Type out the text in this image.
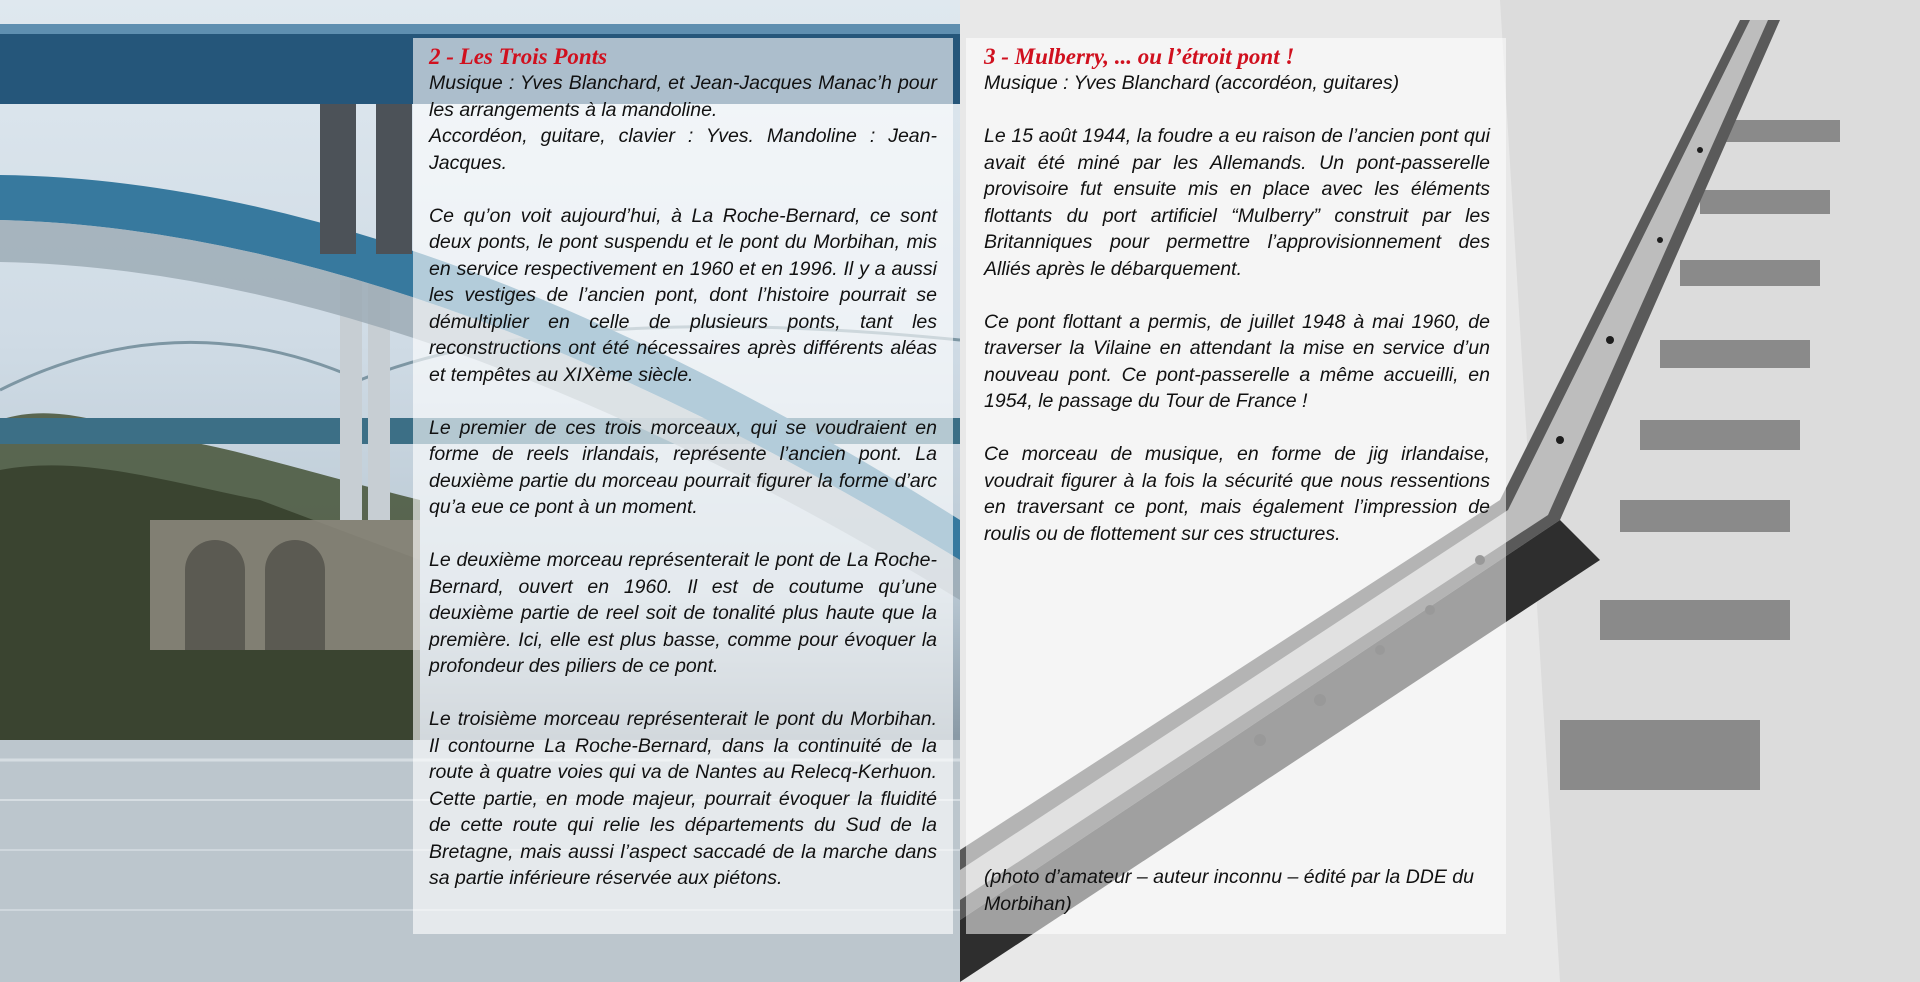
2 - Les Trois Ponts

Musique : Yves Blanchard, et Jean-Jacques Manac’h pour les arrangements à la mandoline.

Accordéon, guitare, clavier : Yves. Mandoline : Jean-Jacques.

Ce qu’on voit aujourd’hui, à La Roche-Bernard, ce sont deux ponts, le pont suspendu et le pont du Morbihan, mis en service respectivement en 1960 et en 1996. Il y a aussi les vestiges de l’ancien pont, dont l’histoire pourrait se démultiplier en celle de plusieurs ponts, tant les reconstructions ont été nécessaires après différents aléas et tempêtes au XIXème siècle.

Le premier de ces trois morceaux, qui se voudraient en forme de reels irlandais, représente l’ancien pont. La deuxième partie du morceau pourrait figurer la forme d’arc qu’a eue ce pont à un moment.

Le deuxième morceau représenterait le pont de La Roche-Bernard, ouvert en 1960. Il est de coutume qu’une deuxième partie de reel soit de tonalité plus haute que la première. Ici, elle est plus basse, comme pour évoquer la profondeur des piliers de ce pont.

Le troisième morceau représenterait le pont du Morbihan. Il contourne La Roche-Bernard, dans la continuité de la route à quatre voies qui va de Nantes au Relecq-Kerhuon. Cette partie, en mode majeur, pourrait évoquer la fluidité de cette route qui relie les départements du Sud de la Bretagne, mais aussi l’aspect saccadé de la marche dans sa partie inférieure réservée aux piétons.

3 - Mulberry, ... ou l’étroit pont !

Musique : Yves Blanchard (accordéon, guitares)

Le 15 août 1944, la foudre a eu raison de l’ancien pont qui avait été miné par les Allemands. Un pont-passerelle provisoire fut ensuite mis en place avec les éléments flottants du port artificiel “Mulberry” construit par les Britanniques pour permettre l’approvisionnement des Alliés après le débarquement.

Ce pont flottant a permis, de juillet 1948 à mai 1960, de traverser la Vilaine en attendant la mise en service d’un nouveau pont. Ce pont-passerelle a même accueilli, en 1954, le passage du Tour de France !

Ce morceau de musique, en forme de jig irlandaise, voudrait figurer à la fois la sécurité que nous ressentions en traversant ce pont, mais également l’impression de roulis ou de flottement sur ces structures.

(photo d’amateur – auteur inconnu – édité par la DDE du Morbihan)
